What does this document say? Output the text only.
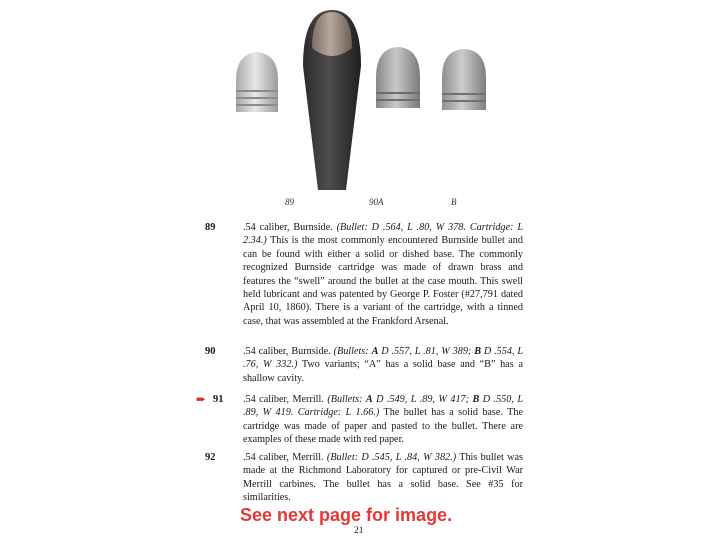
89	90A	B
89	.54 caliber, Burnside. (Bullet: D .564, L .80, W 378. Cartridge: L 2.34.) This is the most commonly encountered Burnside bullet and can be found with either a solid or dished base. The commonly recognized Burnside cartridge was made of drawn brass and features the “swell” around the bullet at the case mouth. This swell held lubricant and was patented by George P. Foster (#27,791 dated April 10, 1860). There is a variant of the cartridge, with a tinned case, that was assembled at the Frankford Arsenal.

90	.54 caliber, Burnside. (Bullets: A D .557, L .81, W 389; B D .554, L .76, W 332.) Two variants; “A” has a solid base and “B” has a shallow cavity.

➨ 91 .54 caliber, Merrill. (Bullets: A D .549, L .89, W 417; B D .550, L .89, W 419. Cartridge: L 1.66.) The bullet has a solid base. The cartridge was made of paper and pasted to the bullet. There are examples of these made with red paper.

92	.54 caliber, Merrill. (Bullet: D .545, L .84, W 382.) This bullet was made at the Richmond Laboratory for captured or pre-Civil War Merrill carbines. The bullet has a solid base. See #35 for similarities.

See next page for image.
21
